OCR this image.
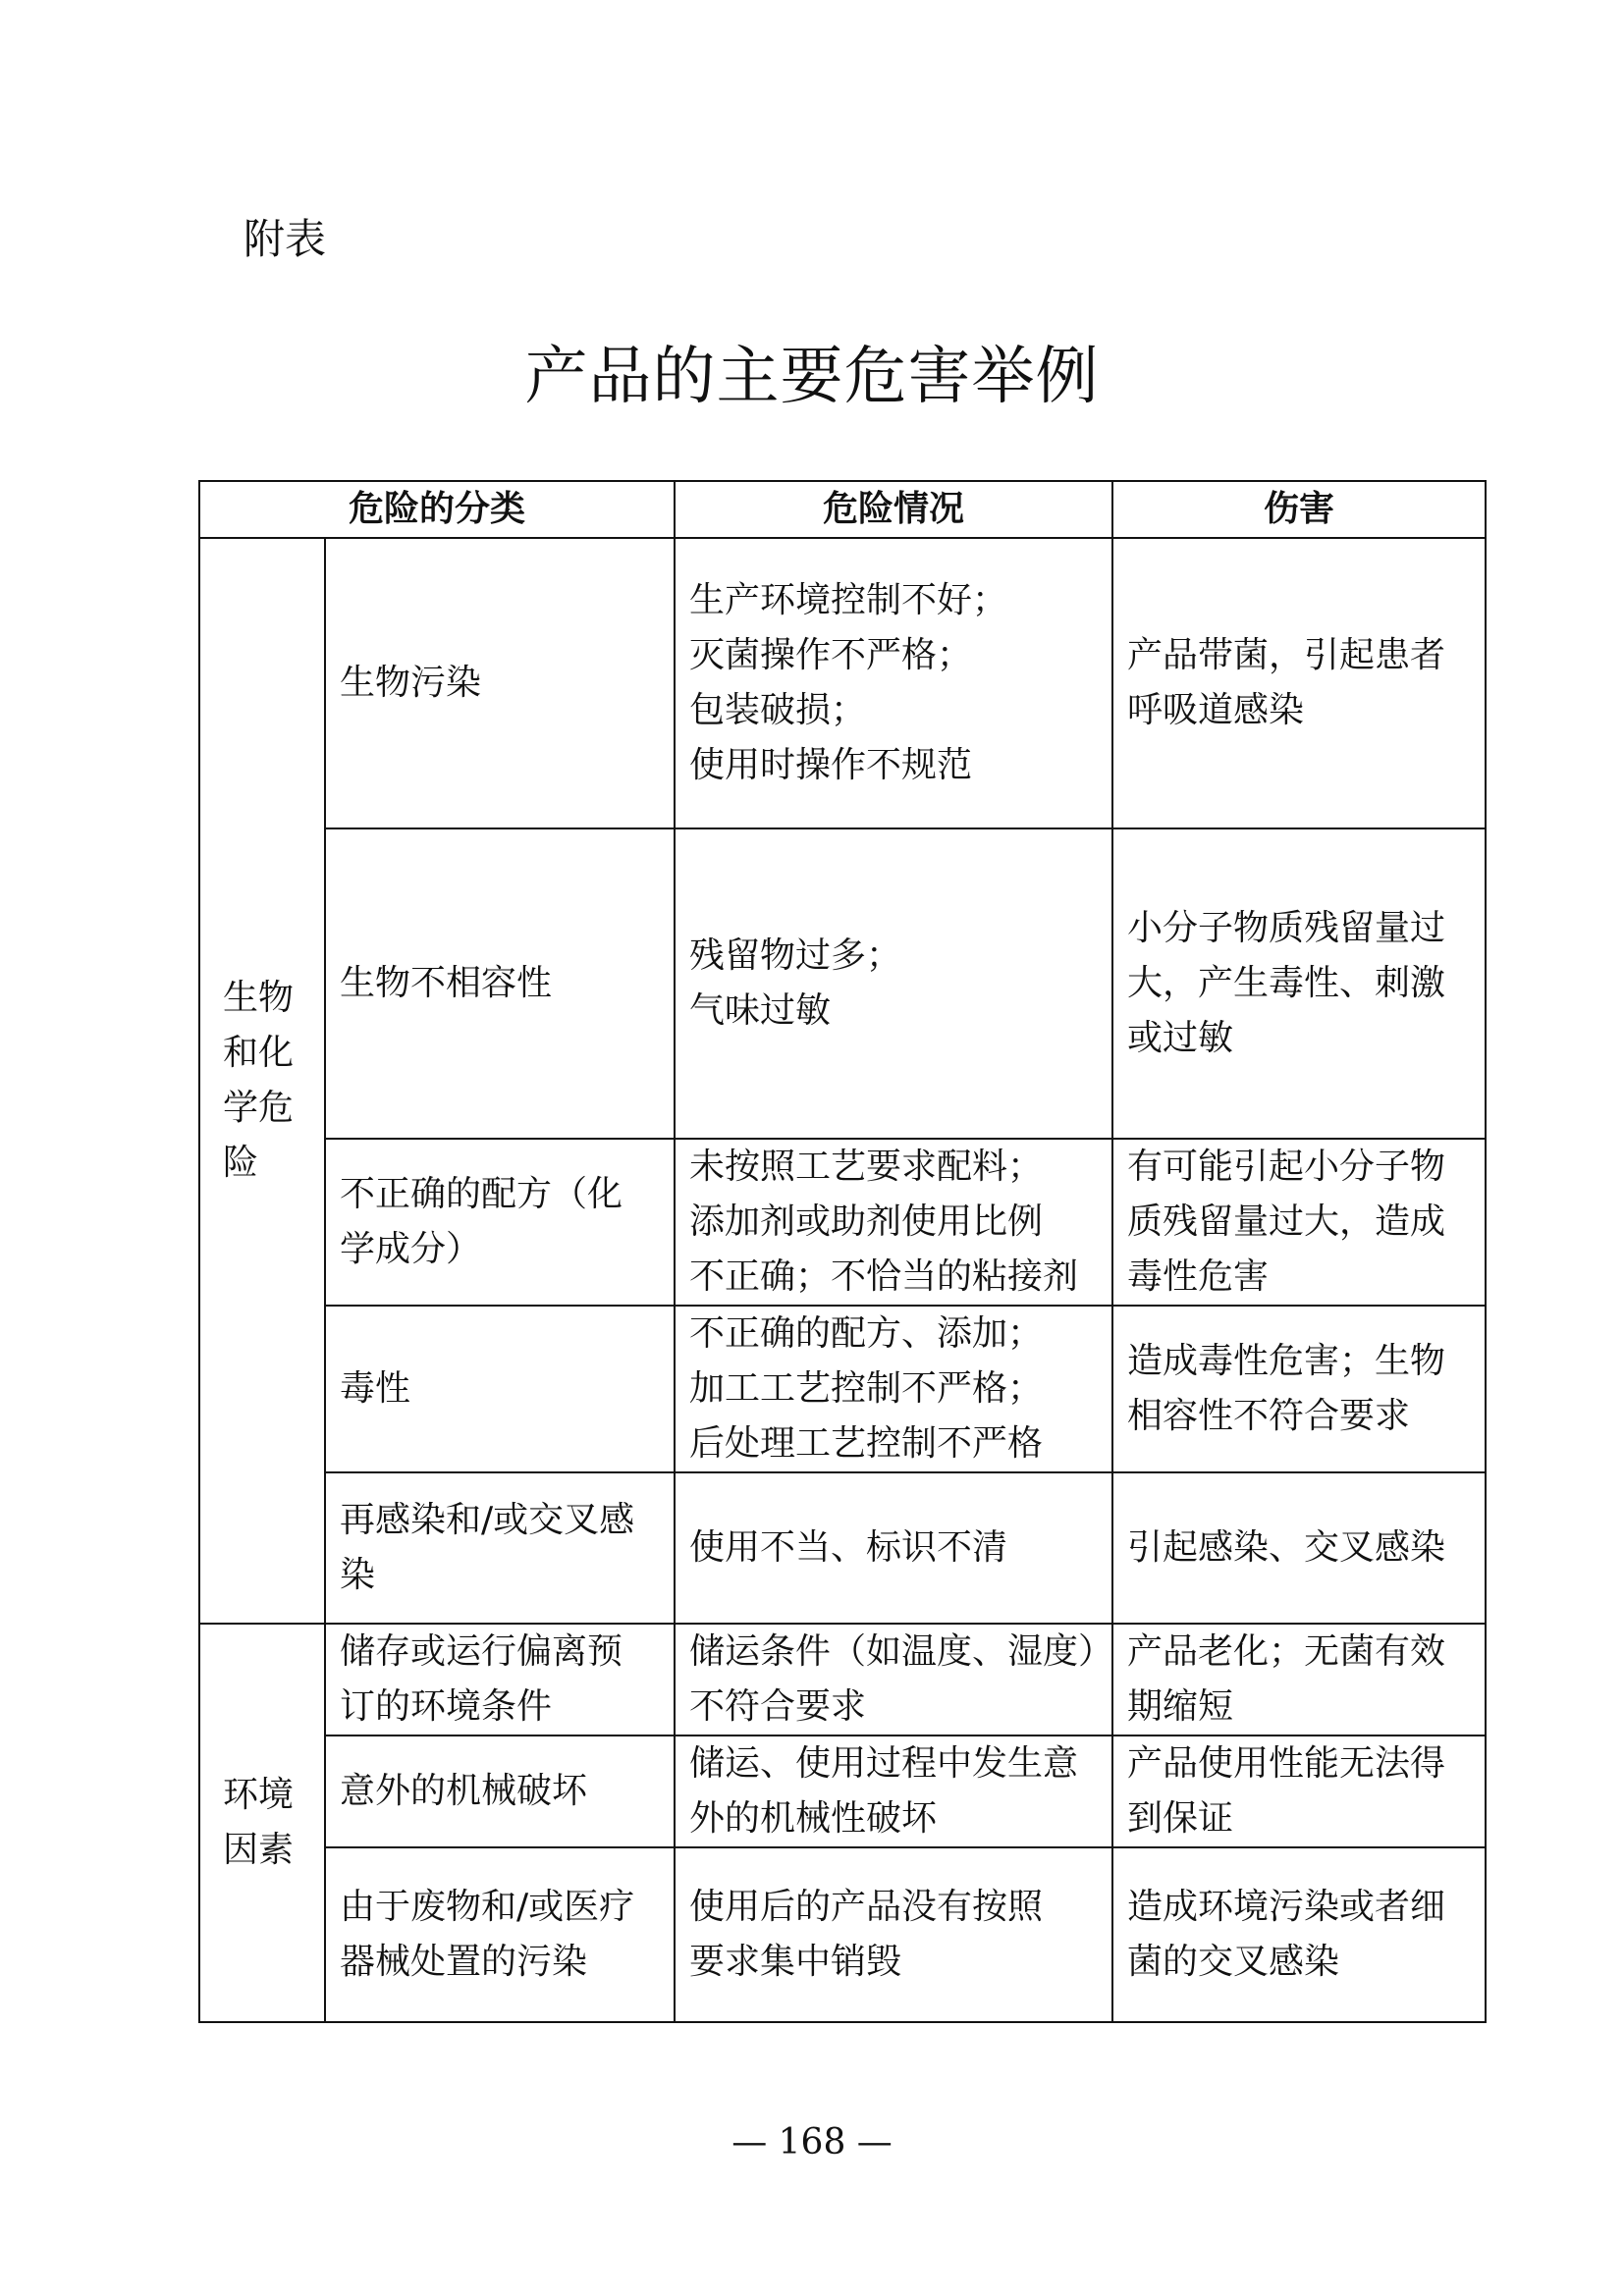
附表
产品的主要危害举例
危险的分类		危险情况	伤害

生物
和化
学危
险	生物污染	生产环境控制不好；
灭菌操作不严格；
包装破损；
使用时操作不规范	产品带菌，引起患者
呼吸道感染

	生物不相容性	残留物过多；
气味过敏	小分子物质残留量过
大，产生毒性、刺激
或过敏

	不正确的配方（化
学成分）	未按照工艺要求配料；
添加剂或助剂使用比例
不正确；不恰当的粘接剂	有可能引起小分子物
质残留量过大，造成
毒性危害

	毒性	不正确的配方、添加；
加工工艺控制不严格；
后处理工艺控制不严格	造成毒性危害；生物
相容性不符合要求

	再感染和/或交叉感
染	使用不当、标识不清	引起感染、交叉感染

环境
因素	储存或运行偏离预
订的环境条件	储运条件（如温度、湿度）
不符合要求	产品老化；无菌有效
期缩短

	意外的机械破坏	储运、使用过程中发生意
外的机械性破坏	产品使用性能无法得
到保证

	由于废物和/或医疗
器械处置的污染	使用后的产品没有按照
要求集中销毁	造成环境污染或者细
菌的交叉感染
— 168 —
